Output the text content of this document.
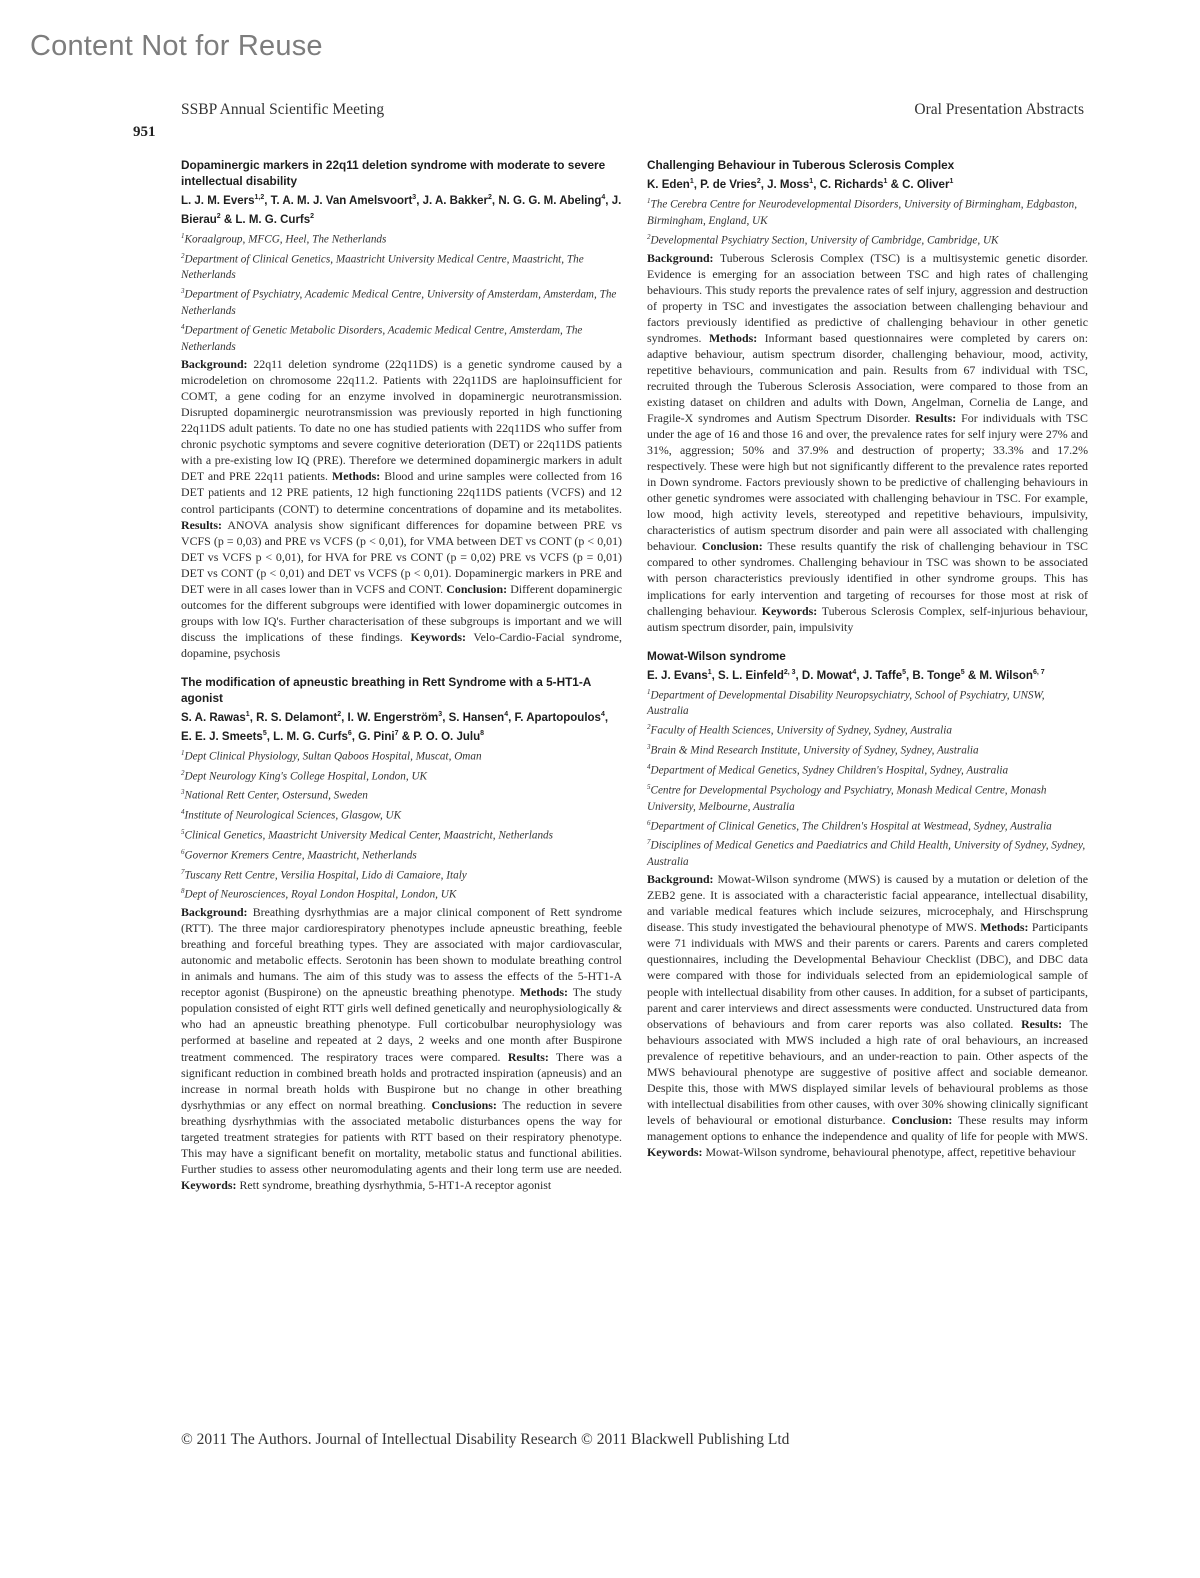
Content Not for Reuse
SSBP Annual Scientific Meeting	Oral Presentation Abstracts
951
Dopaminergic markers in 22q11 deletion syndrome with moderate to severe intellectual disability
L. J. M. Evers$^{1,2}$, T. A. M. J. Van Amelsvoort$^3$, J. A. Bakker$^2$, N. G. G. M. Abeling$^4$, J. Bierau$^2$ & L. M. G. Curfs$^2$
$^1$Koraalgroup, MFCG, Heel, The Netherlands
$^2$Department of Clinical Genetics, Maastricht University Medical Centre, Maastricht, The Netherlands
$^3$Department of Psychiatry, Academic Medical Centre, University of Amsterdam, Amsterdam, The Netherlands
$^4$Department of Genetic Metabolic Disorders, Academic Medical Centre, Amsterdam, The Netherlands
Background: 22q11 deletion syndrome (22q11DS) is a genetic syndrome caused by a microdeletion on chromosome 22q11.2. Patients with 22q11DS are haploinsufficient for COMT, a gene coding for an enzyme involved in dopaminergic neurotransmission. Disrupted dopaminergic neurotransmission was previously reported in high functioning 22q11DS adult patients. To date no one has studied patients with 22q11DS who suffer from chronic psychotic symptoms and severe cognitive deterioration (DET) or 22q11DS patients with a pre-existing low IQ (PRE). Therefore we determined dopaminergic markers in adult DET and PRE 22q11 patients. Methods: Blood and urine samples were collected from 16 DET patients and 12 PRE patients, 12 high functioning 22q11DS patients (VCFS) and 12 control participants (CONT) to determine concentrations of dopamine and its metabolites. Results: ANOVA analysis show significant differences for dopamine between PRE vs VCFS (p = 0,03) and PRE vs VCFS (p < 0,01), for VMA between DET vs CONT (p < 0,01) DET vs VCFS p < 0,01), for HVA for PRE vs CONT (p = 0,02) PRE vs VCFS (p = 0,01) DET vs CONT (p < 0,01) and DET vs VCFS (p < 0,01). Dopaminergic markers in PRE and DET were in all cases lower than in VCFS and CONT. Conclusion: Different dopaminergic outcomes for the different subgroups were identified with lower dopaminergic outcomes in groups with low IQ's. Further characterisation of these subgroups is important and we will discuss the implications of these findings. Keywords: Velo-Cardio-Facial syndrome, dopamine, psychosis
The modification of apneustic breathing in Rett Syndrome with a 5-HT1-A agonist
S. A. Rawas$^1$, R. S. Delamont$^2$, I. W. Engerström$^3$, S. Hansen$^4$, F. Apartopoulos$^4$, E. E. J. Smeets$^5$, L. M. G. Curfs$^6$, G. Pini$^7$ & P. O. O. Julu$^8$
$^1$Dept Clinical Physiology, Sultan Qaboos Hospital, Muscat, Oman
$^2$Dept Neurology King's College Hospital, London, UK
$^3$National Rett Center, Ostersund, Sweden
$^4$Institute of Neurological Sciences, Glasgow, UK
$^5$Clinical Genetics, Maastricht University Medical Center, Maastricht, Netherlands
$^6$Governor Kremers Centre, Maastricht, Netherlands
$^7$Tuscany Rett Centre, Versilia Hospital, Lido di Camaiore, Italy
$^8$Dept of Neurosciences, Royal London Hospital, London, UK
Background: Breathing dysrhythmias are a major clinical component of Rett syndrome (RTT). The three major cardiorespiratory phenotypes include apneustic breathing, feeble breathing and forceful breathing types. They are associated with major cardiovascular, autonomic and metabolic effects. Serotonin has been shown to modulate breathing control in animals and humans. The aim of this study was to assess the effects of the 5-HT1-A receptor agonist (Buspirone) on the apneustic breathing phenotype. Methods: The study population consisted of eight RTT girls well defined genetically and neurophysiologically & who had an apneustic breathing phenotype. Full corticobulbar neurophysiology was performed at baseline and repeated at 2 days, 2 weeks and one month after Buspirone treatment commenced. The respiratory traces were compared. Results: There was a significant reduction in combined breath holds and protracted inspiration (apneusis) and an increase in normal breath holds with Buspirone but no change in other breathing dysrhythmias or any effect on normal breathing. Conclusions: The reduction in severe breathing dysrhythmias with the associated metabolic disturbances opens the way for targeted treatment strategies for patients with RTT based on their respiratory phenotype. This may have a significant benefit on mortality, metabolic status and functional abilities. Further studies to assess other neuromodulating agents and their long term use are needed. Keywords: Rett syndrome, breathing dysrhythmia, 5-HT1-A receptor agonist
Challenging Behaviour in Tuberous Sclerosis Complex
K. Eden$^1$, P. de Vries$^2$, J. Moss$^1$, C. Richards$^1$ & C. Oliver$^1$
$^1$The Cerebra Centre for Neurodevelopmental Disorders, University of Birmingham, Edgbaston, Birmingham, England, UK
$^2$Developmental Psychiatry Section, University of Cambridge, Cambridge, UK
Background: Tuberous Sclerosis Complex (TSC) is a multisystemic genetic disorder. Evidence is emerging for an association between TSC and high rates of challenging behaviours. This study reports the prevalence rates of self injury, aggression and destruction of property in TSC and investigates the association between challenging behaviour and factors previously identified as predictive of challenging behaviour in other genetic syndromes. Methods: Informant based questionnaires were completed by carers on: adaptive behaviour, autism spectrum disorder, challenging behaviour, mood, activity, repetitive behaviours, communication and pain. Results from 67 individual with TSC, recruited through the Tuberous Sclerosis Association, were compared to those from an existing dataset on children and adults with Down, Angelman, Cornelia de Lange, and Fragile-X syndromes and Autism Spectrum Disorder. Results: For individuals with TSC under the age of 16 and those 16 and over, the prevalence rates for self injury were 27% and 31%, aggression; 50% and 37.9% and destruction of property; 33.3% and 17.2% respectively. These were high but not significantly different to the prevalence rates reported in Down syndrome. Factors previously shown to be predictive of challenging behaviours in other genetic syndromes were associated with challenging behaviour in TSC. For example, low mood, high activity levels, stereotyped and repetitive behaviours, impulsivity, characteristics of autism spectrum disorder and pain were all associated with challenging behaviour. Conclusion: These results quantify the risk of challenging behaviour in TSC compared to other syndromes. Challenging behaviour in TSC was shown to be associated with person characteristics previously identified in other syndrome groups. This has implications for early intervention and targeting of recourses for those most at risk of challenging behaviour. Keywords: Tuberous Sclerosis Complex, self-injurious behaviour, autism spectrum disorder, pain, impulsivity
Mowat-Wilson syndrome
E. J. Evans$^1$, S. L. Einfeld$^{2, 3}$, D. Mowat$^4$, J. Taffe$^5$, B. Tonge$^5$ & M. Wilson$^{6, 7}$
$^1$Department of Developmental Disability Neuropsychiatry, School of Psychiatry, UNSW, Australia
$^2$Faculty of Health Sciences, University of Sydney, Sydney, Australia
$^3$Brain & Mind Research Institute, University of Sydney, Sydney, Australia
$^4$Department of Medical Genetics, Sydney Children's Hospital, Sydney, Australia
$^5$Centre for Developmental Psychology and Psychiatry, Monash Medical Centre, Monash University, Melbourne, Australia
$^6$Department of Clinical Genetics, The Children's Hospital at Westmead, Sydney, Australia
$^7$Disciplines of Medical Genetics and Paediatrics and Child Health, University of Sydney, Sydney, Australia
Background: Mowat-Wilson syndrome (MWS) is caused by a mutation or deletion of the ZEB2 gene. It is associated with a characteristic facial appearance, intellectual disability, and variable medical features which include seizures, microcephaly, and Hirschsprung disease. This study investigated the behavioural phenotype of MWS. Methods: Participants were 71 individuals with MWS and their parents or carers. Parents and carers completed questionnaires, including the Developmental Behaviour Checklist (DBC), and DBC data were compared with those for individuals selected from an epidemiological sample of people with intellectual disability from other causes. In addition, for a subset of participants, parent and carer interviews and direct assessments were conducted. Unstructured data from observations of behaviours and from carer reports was also collated. Results: The behaviours associated with MWS included a high rate of oral behaviours, an increased prevalence of repetitive behaviours, and an under-reaction to pain. Other aspects of the MWS behavioural phenotype are suggestive of positive affect and sociable demeanor. Despite this, those with MWS displayed similar levels of behavioural problems as those with intellectual disabilities from other causes, with over 30% showing clinically significant levels of behavioural or emotional disturbance. Conclusion: These results may inform management options to enhance the independence and quality of life for people with MWS. Keywords: Mowat-Wilson syndrome, behavioural phenotype, affect, repetitive behaviour
© 2011 The Authors. Journal of Intellectual Disability Research © 2011 Blackwell Publishing Ltd
